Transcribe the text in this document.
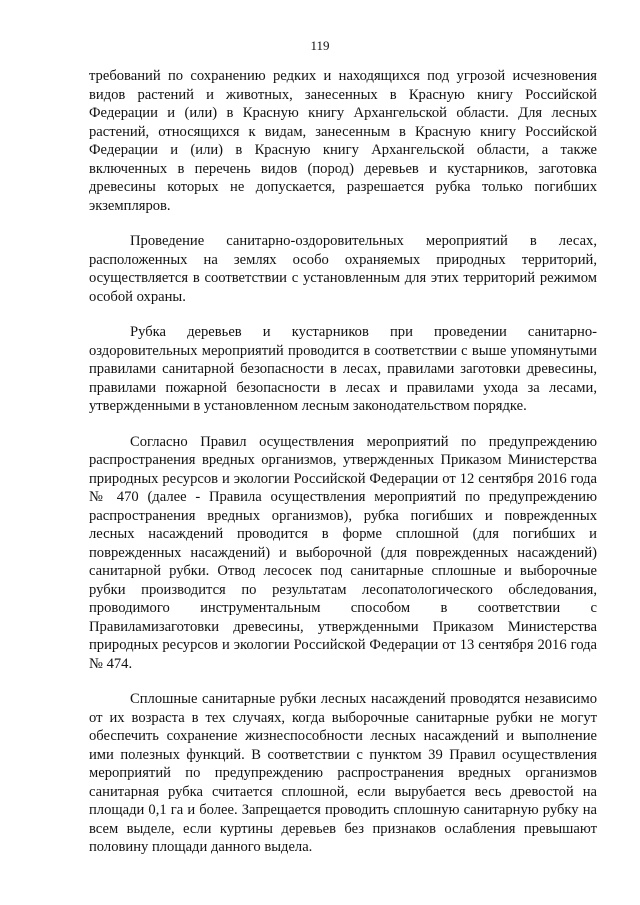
119

требований по сохранению редких и находящихся под угрозой исчезновения видов растений и животных, занесенных в Красную книгу Российской Федерации и (или) в Красную книгу Архангельской области. Для лесных растений, относящихся к видам, занесенным в Красную книгу Российской Федерации и (или) в Красную книгу Архангельской области, а также включенных в перечень видов (пород) деревьев и кустарников, заготовка древесины которых не допускается, разрешается рубка только погибших экземпляров.

Проведение санитарно-оздоровительных мероприятий в лесах, расположенных на землях особо охраняемых природных территорий, осуществляется в соответствии с установленным для этих территорий режимом особой охраны.

Рубка деревьев и кустарников при проведении санитарно-оздоровительных мероприятий проводится в соответствии с выше упомянутыми правилами санитарной безопасности в лесах, правилами заготовки древесины, правилами пожарной безопасности в лесах и правилами ухода за лесами, утвержденными в установленном лесным законодательством порядке.

Согласно Правил осуществления мероприятий по предупреждению распространения вредных организмов, утвержденных Приказом Министерства природных ресурсов и экологии Российской Федерации от 12 сентября 2016 года № 470 (далее - Правила осуществления мероприятий по предупреждению распространения вредных организмов), рубка погибших и поврежденных лесных насаждений проводится в форме сплошной (для погибших и поврежденных насаждений) и выборочной (для поврежденных насаждений) санитарной рубки. Отвод лесосек под санитарные сплошные и выборочные рубки производится по результатам лесопатологического обследования, проводимого инструментальным способом в соответствии с Правиламизаготовки древесины, утвержденными Приказом Министерства природных ресурсов и экологии Российской Федерации от 13 сентября 2016 года № 474.

Сплошные санитарные рубки лесных насаждений проводятся независимо от их возраста в тех случаях, когда выборочные санитарные рубки не могут обеспечить сохранение жизнеспособности лесных насаждений и выполнение ими полезных функций. В соответствии с пунктом 39 Правил осуществления мероприятий по предупреждению распространения вредных организмов санитарная рубка считается сплошной, если вырубается весь древостой на площади 0,1 га и более. Запрещается проводить сплошную санитарную рубку на всем выделе, если куртины деревьев без признаков ослабления превышают половину площади данного выдела.
